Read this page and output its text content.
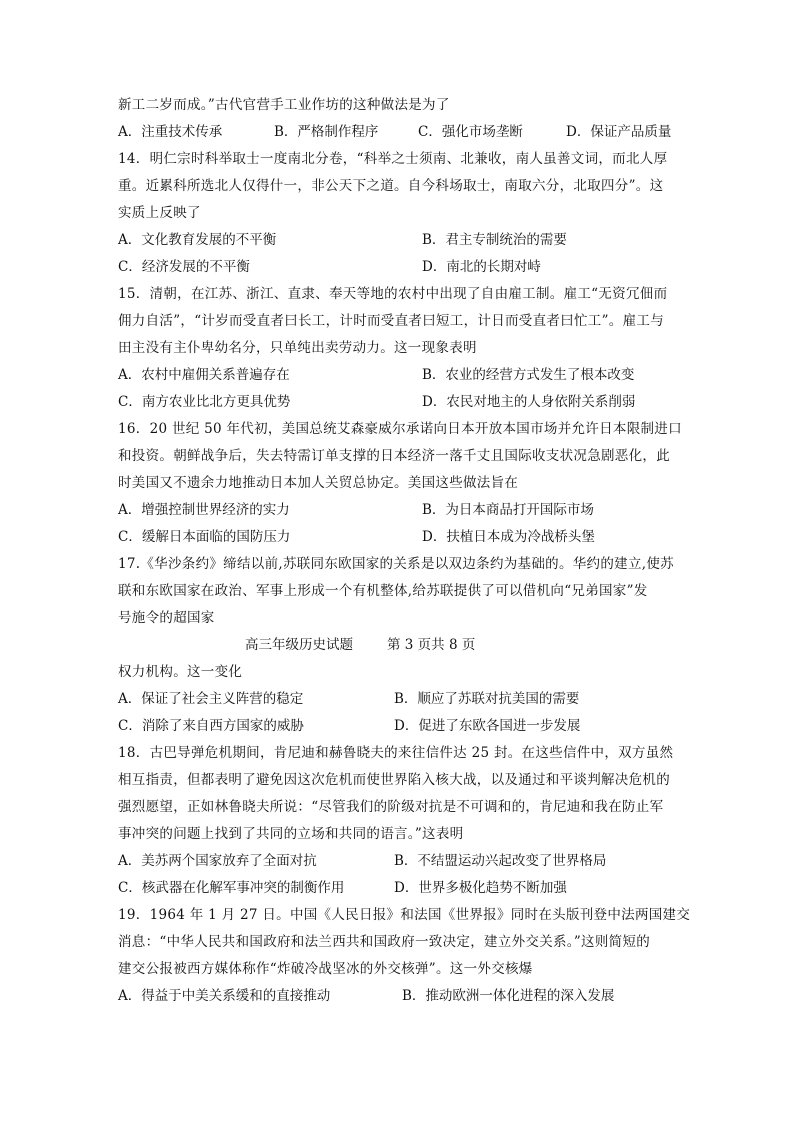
新工二岁而成。”古代官营手工业作坊的这种做法是为了
A．注重技术传承	B．严格制作程序	C．强化市场垄断	D．保证产品质量
14．明仁宗时科举取士一度南北分卷，“科举之士须南、北兼收，南人虽善文词，而北人厚
重。近累科所选北人仅得什一，非公天下之道。自今科场取士，南取六分，北取四分”。这
实质上反映了
A．文化教育发展的不平衡	B．君主专制统治的需要
C．经济发展的不平衡	D．南北的长期对峙
15．清朝，在江苏、浙江、直隶、奉天等地的农村中出现了自由雇工制。雇工“无资冗佃而
佣力自活”，“计岁而受直者曰长工，计时而受直者曰短工，计日而受直者曰忙工”。雇工与
田主没有主仆卑幼名分，只单纯出卖劳动力。这一现象表明
A．农村中雇佣关系普遍存在	B．农业的经营方式发生了根本改变
C．南方农业比北方更具优势	D．农民对地主的人身依附关系削弱
16．20 世纪 50 年代初，美国总统艾森豪威尔承诺向日本开放本国市场并允许日本限制进口
和投资。朝鲜战争后，失去特需订单支撑的日本经济一落千丈且国际收支状况急剧恶化，此
时美国又不遗余力地推动日本加人关贸总协定。美国这些做法旨在
A．增强控制世界经济的实力	B．为日本商品打开国际市场
C．缓解日本面临的国防压力	D．扶植日本成为冷战桥头堡
17.《华沙条约》缔结以前,苏联同东欧国家的关系是以双边条约为基础的。华约的建立,使苏
联和东欧国家在政治、军事上形成一个有机整体,给苏联提供了可以借机向“兄弟国家”发
号施令的超国家
高三年级历史试题	第 3 页共 8 页
权力机构。这一变化
A．保证了社会主义阵营的稳定	B．顺应了苏联对抗美国的需要
C．消除了来自西方国家的威胁	D．促进了东欧各国进一步发展
18．古巴导弹危机期间，肯尼迪和赫鲁晓夫的来往信件达 25 封。在这些信件中，双方虽然
相互指责，但都表明了避免因这次危机而使世界陷入核大战，以及通过和平谈判解决危机的
强烈愿望，正如林鲁晓夫所说：“尽管我们的阶级对抗是不可调和的，肯尼迪和我在防止军
事冲突的问题上找到了共同的立场和共同的语言。”这表明
A．美苏两个国家放弃了全面对抗	B．不结盟运动兴起改变了世界格局
C．核武器在化解军事冲突的制衡作用	D．世界多极化趋势不断加强
19．1964 年 1 月 27 日。中国《人民日报》和法国《世界报》同时在头版刊登中法两国建交
消息：“中华人民共和国政府和法兰西共和国政府一致决定，建立外交关系。”这则简短的
建交公报被西方媒体称作“炸破冷战坚冰的外交核弹”。这一外交核爆
A．得益于中美关系缓和的直接推动	B．推动欧洲一体化进程的深入发展
